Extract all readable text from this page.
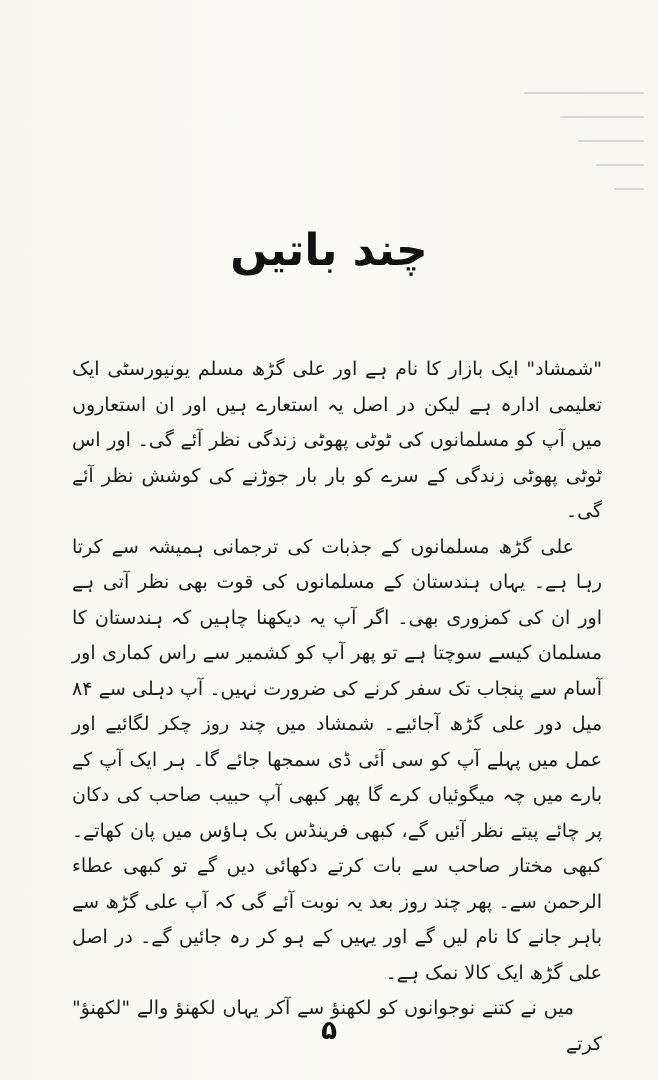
چند باتیں

"شمشاد" ایک بازار کا نام ہے اور علی گڑھ مسلم یونیورسٹی ایک تعلیمی ادارہ ہے لیکن در اصل یہ استعارے ہیں اور ان استعاروں میں آپ کو مسلمانوں کی ٹوٹی پھوٹی زندگی نظر آئے گی۔ اور اس ٹوٹی پھوٹی زندگی کے سرے کو بار بار جوڑنے کی کوشش نظر آئے گی۔

علی گڑھ مسلمانوں کے جذبات کی ترجمانی ہمیشہ سے کرتا رہا ہے۔ یہاں ہندستان کے مسلمانوں کی قوت بھی نظر آتی ہے اور ان کی کمزوری بھی۔ اگر آپ یہ دیکھنا چاہیں کہ ہندستان کا مسلمان کیسے سوچتا ہے تو پھر آپ کو کشمیر سے راس کماری اور آسام سے پنجاب تک سفر کرنے کی ضرورت نہیں۔ آپ دہلی سے ۸۴ میل دور علی گڑھ آجائیے۔ شمشاد میں چند روز چکر لگائیے اور عمل میں پہلے آپ کو سی آئی ڈی سمجھا جائے گا۔ ہر ایک آپ کے بارے میں چہ میگوئیاں کرے گا پھر کبھی آپ حبیب صاحب کی دکان پر چائے پیتے نظر آئیں گے، کبھی فرینڈس بک ہاؤس میں پان کھاتے۔ کبھی مختار صاحب سے بات کرتے دکھائی دیں گے تو کبھی عطاء الرحمن سے۔ پھر چند روز بعد یہ نوبت آئے گی کہ آپ علی گڑھ سے باہر جانے کا نام لیں گے اور یہیں کے ہو کر رہ جائیں گے۔ در اصل علی گڑھ ایک کالا نمک ہے۔

میں نے کتنے نوجوانوں کو لکھنؤ سے آکر یہاں لکھنؤ والے "لکھنؤ" کرتے

۵
